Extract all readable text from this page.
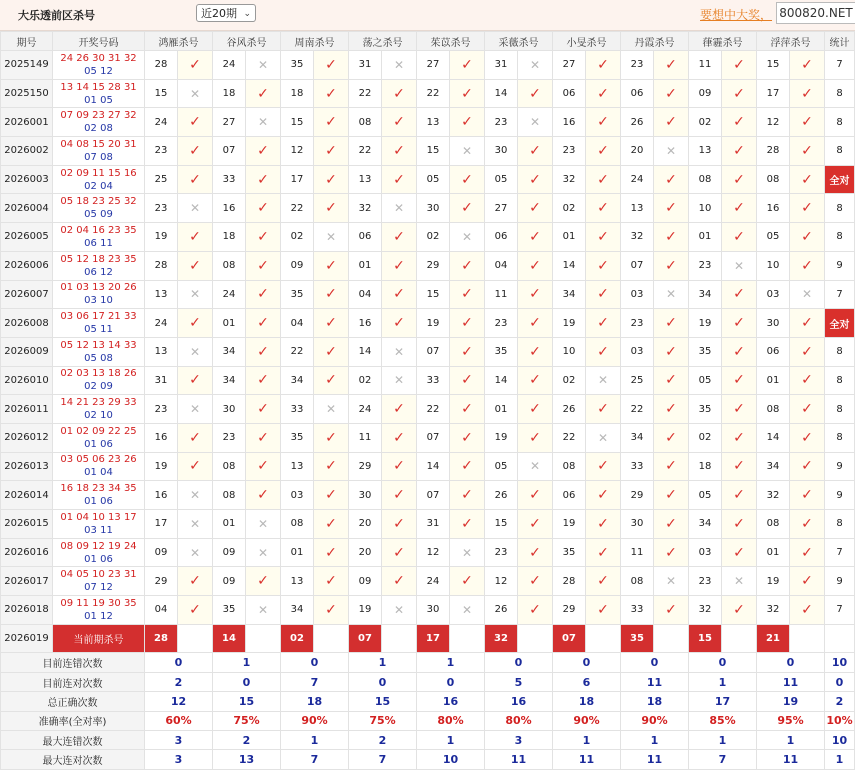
大乐透前区杀号	近20期 ⌄	要想中大奖， 800820.NET
期号	开奖号码	鸿雁杀号		谷风杀号		周南杀号		荡之杀号		茱苡杀号		采薇杀号		小旻杀号		丹霞杀号		葎霾杀号		浮萍杀号		统计
2025149	24 26 30 31 32
05 12	28	✓	24	✕	35	✓	31	✕	27	✓	31	✕	27	✓	23	✓	11	✓	15	✓	7
2025150	13 14 15 28 31
01 05	15	✕	18	✓	18	✓	22	✓	22	✓	14	✓	06	✓	06	✓	09	✓	17	✓	8
2026001	07 09 23 27 32
02 08	24	✓	27	✕	15	✓	08	✓	13	✓	23	✕	16	✓	26	✓	02	✓	12	✓	8
2026002	04 08 15 20 31
07 08	23	✓	07	✓	12	✓	22	✓	15	✕	30	✓	23	✓	20	✕	13	✓	28	✓	8
2026003	02 09 11 15 16
02 04	25	✓	33	✓	17	✓	13	✓	05	✓	05	✓	32	✓	24	✓	08	✓	08	✓	全对
2026004	05 18 23 25 32
05 09	23	✕	16	✓	22	✓	32	✕	30	✓	27	✓	02	✓	13	✓	10	✓	16	✓	8
2026005	02 04 16 23 35
06 11	19	✓	18	✓	02	✕	06	✓	02	✕	06	✓	01	✓	32	✓	01	✓	05	✓	8
2026006	05 12 18 23 35
06 12	28	✓	08	✓	09	✓	01	✓	29	✓	04	✓	14	✓	07	✓	23	✕	10	✓	9
2026007	01 03 13 20 26
03 10	13	✕	24	✓	35	✓	04	✓	15	✓	11	✓	34	✓	03	✕	34	✓	03	✕	7
2026008	03 06 17 21 33
05 11	24	✓	01	✓	04	✓	16	✓	19	✓	23	✓	19	✓	23	✓	19	✓	30	✓	全对
2026009	05 12 13 14 33
05 08	13	✕	34	✓	22	✓	14	✕	07	✓	35	✓	10	✓	03	✓	35	✓	06	✓	8
2026010	02 03 13 18 26
02 09	31	✓	34	✓	34	✓	02	✕	33	✓	14	✓	02	✕	25	✓	05	✓	01	✓	8
2026011	14 21 23 29 33
02 10	23	✕	30	✓	33	✕	24	✓	22	✓	01	✓	26	✓	22	✓	35	✓	08	✓	8
2026012	01 02 09 22 25
01 06	16	✓	23	✓	35	✓	11	✓	07	✓	19	✓	22	✕	34	✓	02	✓	14	✓	8
2026013	03 05 06 23 26
01 04	19	✓	08	✓	13	✓	29	✓	14	✓	05	✕	08	✓	33	✓	18	✓	34	✓	9
2026014	16 18 23 34 35
01 06	16	✕	08	✓	03	✓	30	✓	07	✓	26	✓	06	✓	29	✓	05	✓	32	✓	9
2026015	01 04 10 13 17
03 11	17	✕	01	✕	08	✓	20	✓	31	✓	15	✓	19	✓	30	✓	34	✓	08	✓	8
2026016	08 09 12 19 24
01 06	09	✕	09	✕	01	✓	20	✓	12	✕	23	✓	35	✓	11	✓	03	✓	01	✓	7
2026017	04 05 10 23 31
07 12	29	✓	09	✓	13	✓	09	✓	24	✓	12	✓	28	✓	08	✕	23	✕	19	✓	9
2026018	09 11 19 30 35
01 12	04	✓	35	✕	34	✓	19	✕	30	✕	26	✓	29	✓	33	✓	32	✓	32	✓	7
2026019	当前期杀号	28		14		02		07		17		32		07		35		15		21		
目前连错次数		0		1		0		1		1		0		0		0		0		0		10
目前连对次数		2		0		7		0		0		5		6		11		1		11		0
总正确次数		12		15		18		15		16		16		18		18		17		19		2
准确率(全对率)		60%		75%		90%		75%		80%		80%		90%		90%		85%		95%		10%
最大连错次数		3		2		1		2		1		3		1		1		1		1		10
最大连对次数		3		13		7		7		10		11		11		11		7		11		1
